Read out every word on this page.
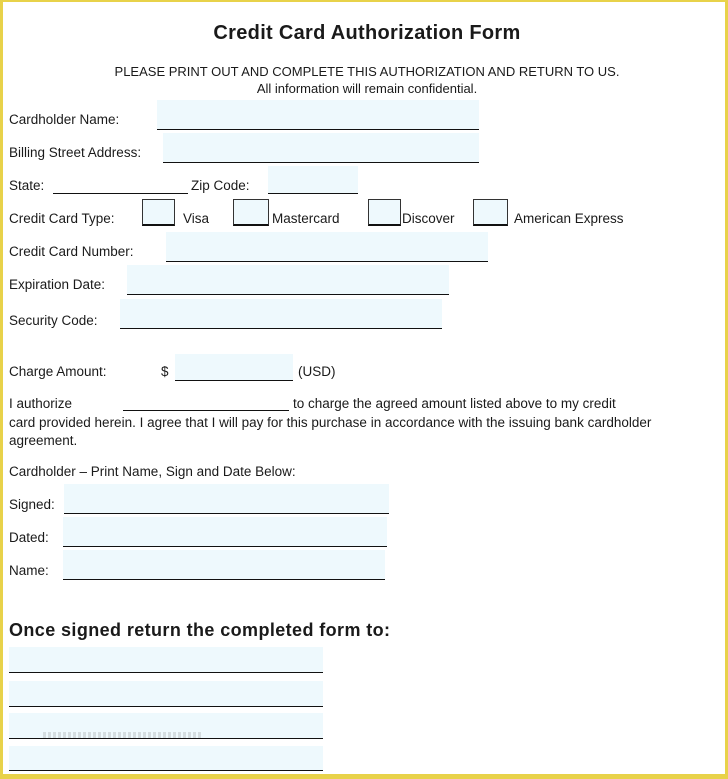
Credit Card Authorization Form
PLEASE PRINT OUT AND COMPLETE THIS AUTHORIZATION AND RETURN TO US.
All information will remain confidential.
Cardholder Name:
Billing Street Address:
State:	Zip Code:
Credit Card Type:	Visa	Mastercard	Discover	American Express
Credit Card Number:
Expiration Date:
Security Code:
Charge Amount:	$	(USD)
I authorize	to charge the agreed amount listed above to my credit
card provided herein. I agree that I will pay for this purchase in accordance with the issuing bank cardholder agreement.
Cardholder – Print Name, Sign and Date Below:
Signed:
Dated:
Name:
Once signed return the completed form to:
